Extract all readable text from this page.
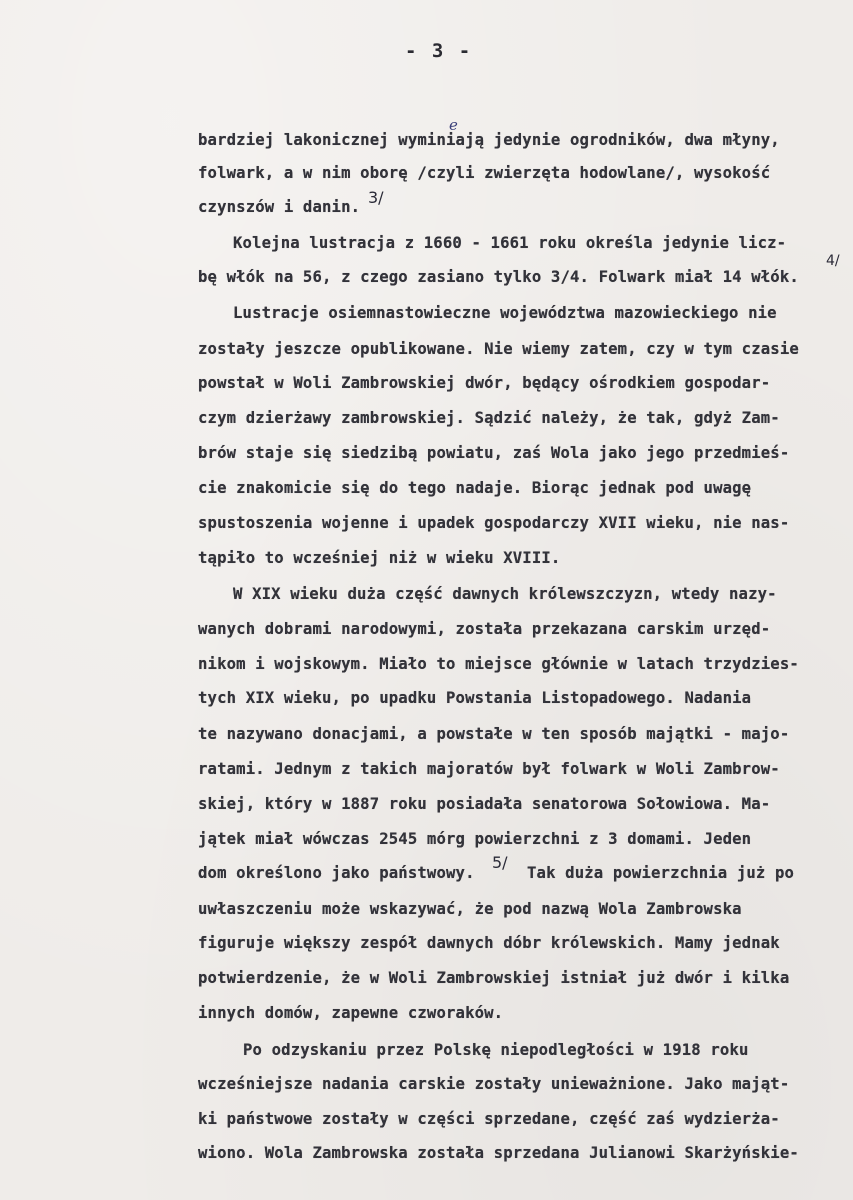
- 3 -
e
bardziej lakonicznej wyminiają jedynie ogrodników, dwa młyny,
folwark, a w nim oborę /czyli zwierzęta hodowlane/, wysokość
czynszów i danin. 3/
Kolejna lustracja z 1660 - 1661 roku określa jedynie licz-
bę włók na 56, z czego zasiano tylko 3/4. Folwark miał 14 włók.
4/
Lustracje osiemnastowieczne województwa mazowieckiego nie
zostały jeszcze opublikowane. Nie wiemy zatem, czy w tym czasie
powstał w Woli Zambrowskiej dwór, będący ośrodkiem gospodar-
czym dzierżawy zambrowskiej. Sądzić należy, że tak, gdyż Zam-
brów staje się siedzibą powiatu, zaś Wola jako jego przedmieś-
cie znakomicie się do tego nadaje. Biorąc jednak pod uwagę
spustoszenia wojenne i upadek gospodarczy XVII wieku, nie nas-
tąpiło to wcześniej niż w wieku XVIII.
W XIX wieku duża część dawnych królewszczyzn, wtedy nazy-
wanych dobrami narodowymi, została przekazana carskim urzęd-
nikom i wojskowym. Miało to miejsce głównie w latach trzydzies-
tych XIX wieku, po upadku Powstania Listopadowego. Nadania
te nazywano donacjami, a powstałe w ten sposób majątki - majo-
ratami. Jednym z takich majoratów był folwark w Woli Zambrow-
skiej, który w 1887 roku posiadała senatorowa Sołowiowa. Ma-
jątek miał wówczas 2545 mórg powierzchni z 3 domami. Jeden
dom określono jako państwowy.
5/
Tak duża powierzchnia już po
uwłaszczeniu może wskazywać, że pod nazwą Wola Zambrowska
figuruje większy zespół dawnych dóbr królewskich. Mamy jednak
potwierdzenie, że w Woli Zambrowskiej istniał już dwór i kilka
innych domów, zapewne czworaków.
Po odzyskaniu przez Polskę niepodległości w 1918 roku
wcześniejsze nadania carskie zostały unieważnione. Jako mająt-
ki państwowe zostały w części sprzedane, część zaś wydzierża-
wiono. Wola Zambrowska została sprzedana Julianowi Skarżyńskie-
